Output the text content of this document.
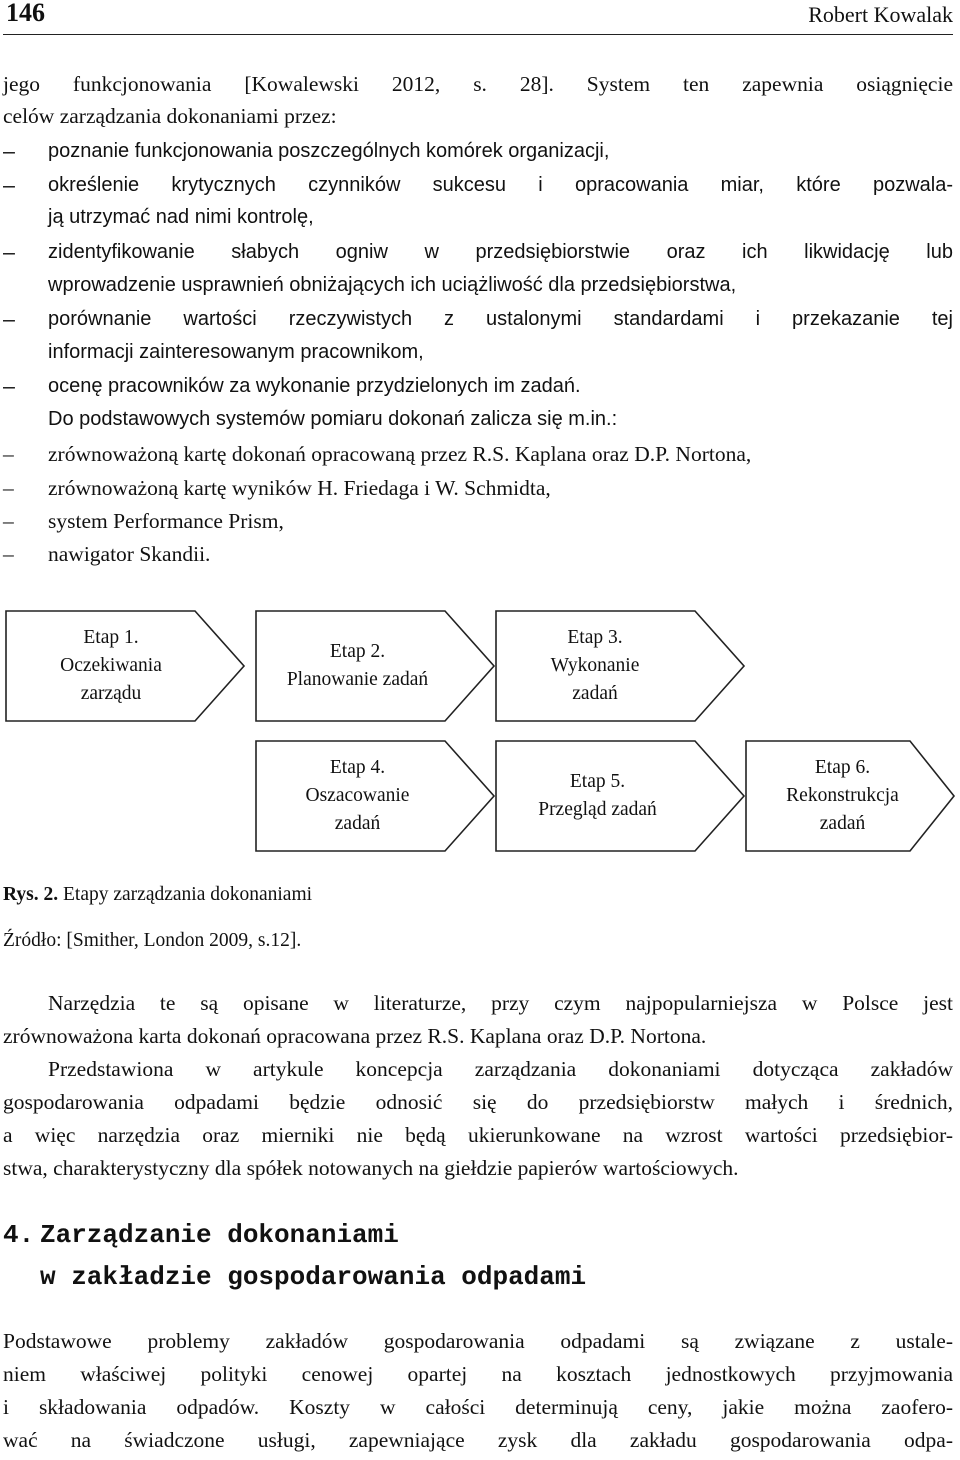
146	Robert Kowalak
jego funkcjonowania [Kowalewski 2012, s. 28]. System ten zapewnia osiągnięcie
celów zarządzania dokonaniami przez:
– poznanie funkcjonowania poszczególnych komórek organizacji,
– określenie krytycznych czynników sukcesu i opracowania miar, które pozwala-
ją utrzymać nad nimi kontrolę,
– zidentyfikowanie słabych ogniw w przedsiębiorstwie oraz ich likwidację lub
wprowadzenie usprawnień obniżających ich uciążliwość dla przedsiębiorstwa,
– porównanie wartości rzeczywistych z ustalonymi standardami i przekazanie tej
informacji zainteresowanym pracownikom,
– ocenę pracowników za wykonanie przydzielonych im zadań.
Do podstawowych systemów pomiaru dokonań zalicza się m.in.:
– zrównoważoną kartę dokonań opracowaną przez R.S. Kaplana oraz D.P. Nortona,
– zrównoważoną kartę wyników H. Friedaga i W. Schmidta,
– system Performance Prism,
– nawigator Skandii.
Etap 1.
Oczekiwania
zarządu
Etap 2.
Planowanie zadań
Etap 3.
Wykonanie
zadań
Etap 4.
Oszacowanie
zadań
Etap 5.
Przegląd zadań
Etap 6.
Rekonstrukcja
zadań
Rys. 2. Etapy zarządzania dokonaniami
Źródło: [Smither, London 2009, s.12].
Narzędzia te są opisane w literaturze, przy czym najpopularniejsza w Polsce jest
zrównoważona karta dokonań opracowana przez R.S. Kaplana oraz D.P. Nortona.
Przedstawiona w artykule koncepcja zarządzania dokonaniami dotycząca zakładów
gospodarowania odpadami będzie odnosić się do przedsiębiorstw małych i średnich,
a więc narzędzia oraz mierniki nie będą ukierunkowane na wzrost wartości przedsiębior-
stwa, charakterystyczny dla spółek notowanych na giełdzie papierów wartościowych.
4. Zarządzanie dokonaniami
w zakładzie gospodarowania odpadami
Podstawowe problemy zakładów gospodarowania odpadami są związane z ustale-
niem właściwej polityki cenowej opartej na kosztach jednostkowych przyjmowania
i składowania odpadów. Koszty w całości determinują ceny, jakie można zaofero-
wać na świadczone usługi, zapewniające zysk dla zakładu gospodarowania odpa-
